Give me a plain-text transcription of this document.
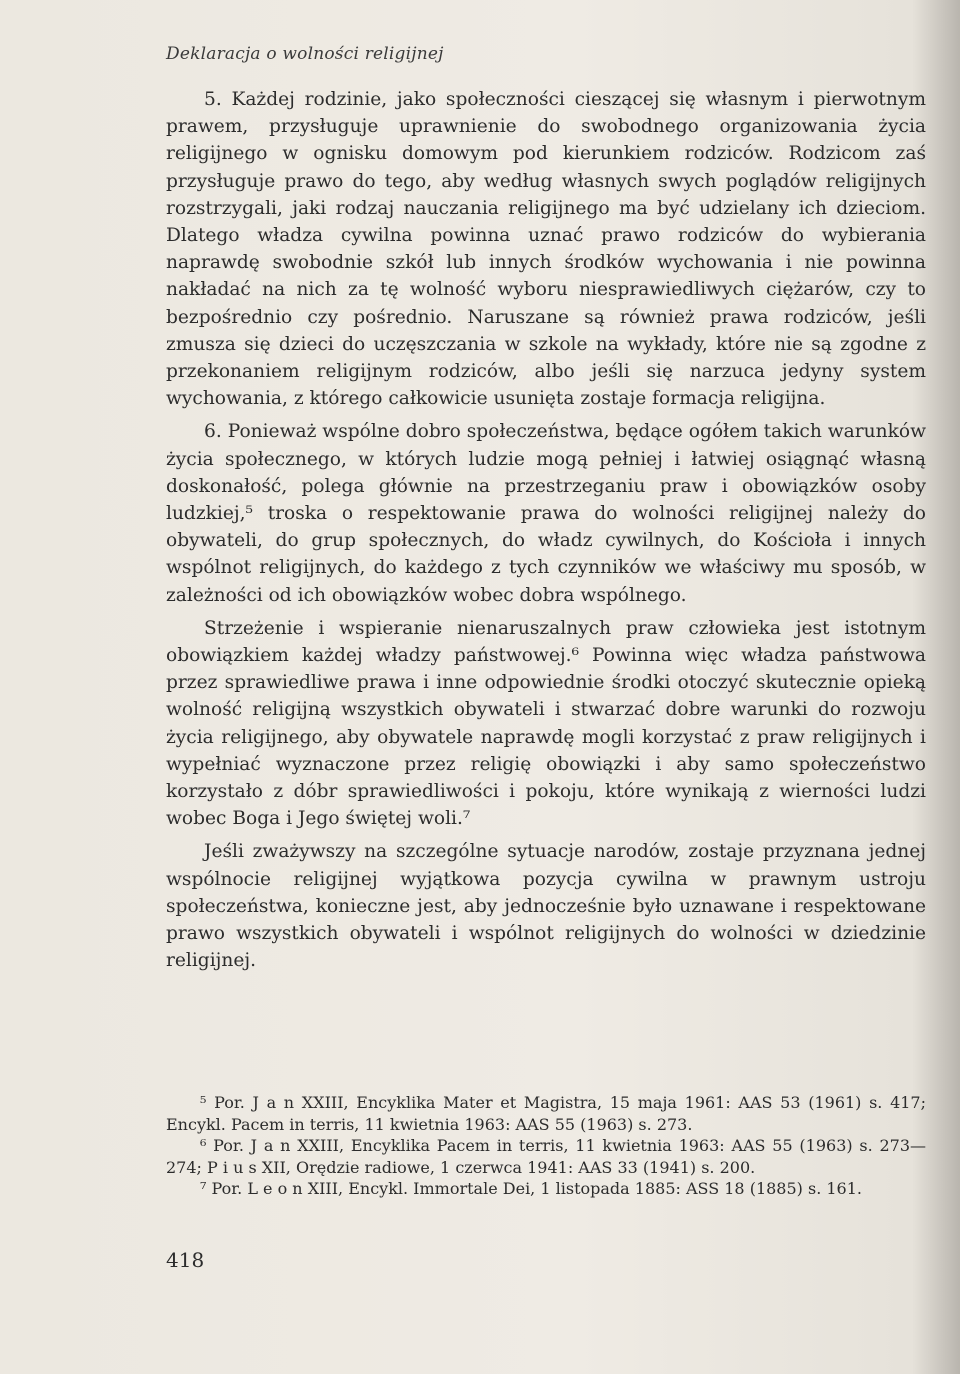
Deklaracja o wolności religijnej

5. Każdej rodzinie, jako społeczności cieszącej się własnym i pierwotnym prawem, przysługuje uprawnienie do swobodnego organizowania życia religijnego w ognisku domowym pod kierunkiem rodziców. Rodzicom zaś przysługuje prawo do tego, aby według własnych swych poglądów religijnych rozstrzygali, jaki rodzaj nauczania religijnego ma być udzielany ich dzieciom. Dlatego władza cywilna powinna uznać prawo rodziców do wybierania naprawdę swobodnie szkół lub innych środków wychowania i nie powinna nakładać na nich za tę wolność wyboru niesprawiedliwych ciężarów, czy to bezpośrednio czy pośrednio. Naruszane są również prawa rodziców, jeśli zmusza się dzieci do uczęszczania w szkole na wykłady, które nie są zgodne z przekonaniem religijnym rodziców, albo jeśli się narzuca jedyny system wychowania, z którego całkowicie usunięta zostaje formacja religijna.

6. Ponieważ wspólne dobro społeczeństwa, będące ogółem takich warunków życia społecznego, w których ludzie mogą pełniej i łatwiej osiągnąć własną doskonałość, polega głównie na przestrzeganiu praw i obowiązków osoby ludzkiej,⁵ troska o respektowanie prawa do wolności religijnej należy do obywateli, do grup społecznych, do władz cywilnych, do Kościoła i innych wspólnot religijnych, do każdego z tych czynników we właściwy mu sposób, w zależności od ich obowiązków wobec dobra wspólnego.

Strzeżenie i wspieranie nienaruszalnych praw człowieka jest istotnym obowiązkiem każdej władzy państwowej.⁶ Powinna więc władza państwowa przez sprawiedliwe prawa i inne odpowiednie środki otoczyć skutecznie opieką wolność religijną wszystkich obywateli i stwarzać dobre warunki do rozwoju życia religijnego, aby obywatele naprawdę mogli korzystać z praw religijnych i wypełniać wyznaczone przez religię obowiązki i aby samo społeczeństwo korzystało z dóbr sprawiedliwości i pokoju, które wynikają z wierności ludzi wobec Boga i Jego świętej woli.⁷

Jeśli zważywszy na szczególne sytuacje narodów, zostaje przyznana jednej wspólnocie religijnej wyjątkowa pozycja cywilna w prawnym ustroju społeczeństwa, konieczne jest, aby jednocześnie było uznawane i respektowane prawo wszystkich obywateli i wspólnot religijnych do wolności w dziedzinie religijnej.

⁵ Por. J a n XXIII, Encyklika Mater et Magistra, 15 maja 1961: AAS 53 (1961) s. 417; Encykl. Pacem in terris, 11 kwietnia 1963: AAS 55 (1963) s. 273.

⁶ Por. J a n XXIII, Encyklika Pacem in terris, 11 kwietnia 1963: AAS 55 (1963) s. 273—274; P i u s XII, Orędzie radiowe, 1 czerwca 1941: AAS 33 (1941) s. 200.

⁷ Por. L e o n XIII, Encykl. Immortale Dei, 1 listopada 1885: ASS 18 (1885) s. 161.

418
